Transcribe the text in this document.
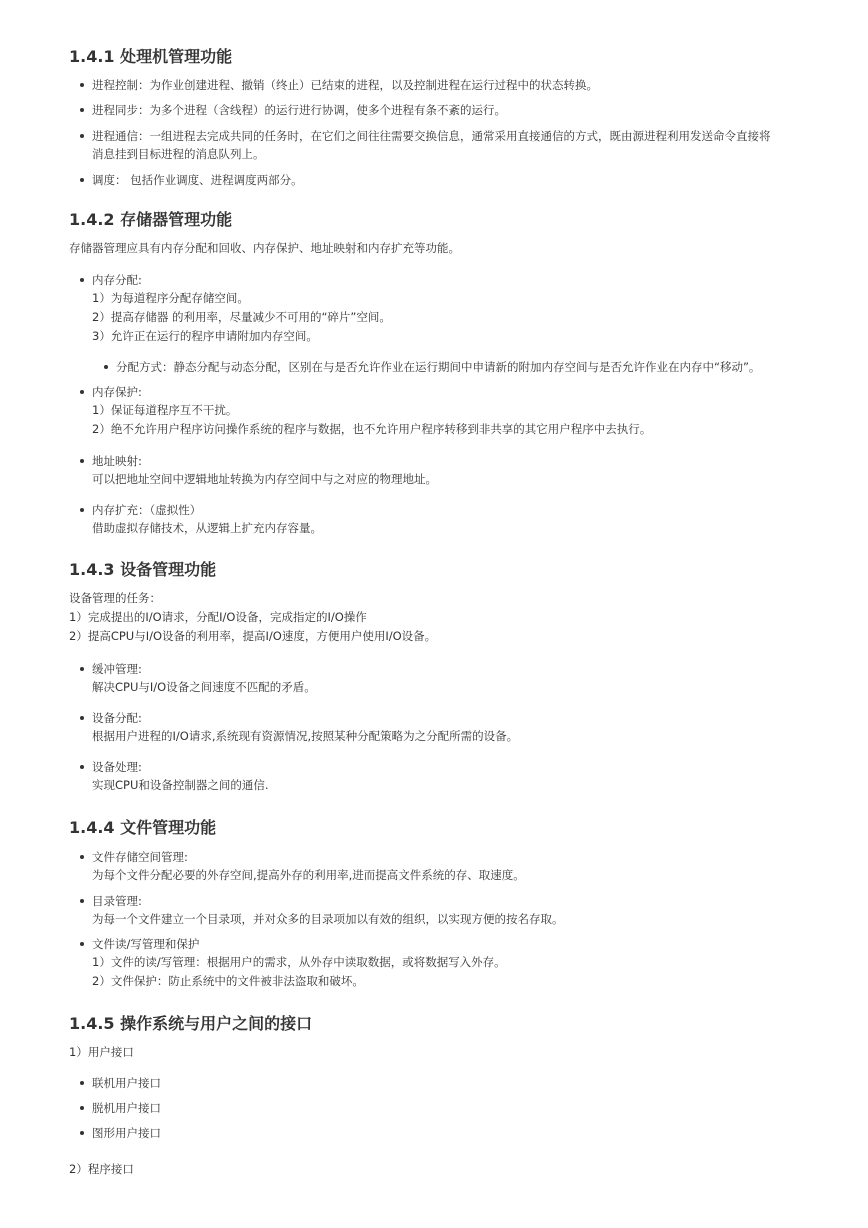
1.4.1 处理机管理功能

进程控制：为作业创建进程、撤销（终止）已结束的进程，以及控制进程在运行过程中的状态转换。

进程同步：为多个进程（含线程）的运行进行协调，使多个进程有条不紊的运行。

进程通信：一组进程去完成共同的任务时，在它们之间往往需要交换信息，通常采用直接通信的方式，既由源进程利用发送命令直接将

消息挂到目标进程的消息队列上。

调度： 包括作业调度、进程调度两部分。

1.4.2 存储器管理功能

存储器管理应具有内存分配和回收、内存保护、地址映射和内存扩充等功能。

内存分配:

1）为每道程序分配存储空间。

2）提高存储器 的利用率，尽量减少不可用的“碎片”空间。

3）允许正在运行的程序申请附加内存空间。

分配方式：静态分配与动态分配，区别在与是否允许作业在运行期间中申请新的附加内存空间与是否允许作业在内存中“移动”。

内存保护:

1）保证每道程序互不干扰。

2）绝不允许用户程序访问操作系统的程序与数据，也不允许用户程序转移到非共享的其它用户程序中去执行。

地址映射:

可以把地址空间中逻辑地址转换为内存空间中与之对应的物理地址。

内存扩充：（虚拟性）

借助虚拟存储技术，从逻辑上扩充内存容量。

1.4.3 设备管理功能

设备管理的任务：

1）完成提出的I/O请求，分配I/O设备，完成指定的I/O操作

2）提高CPU与I/O设备的利用率，提高I/O速度，方便用户使用I/O设备。

缓冲管理:

解决CPU与I/O设备之间速度不匹配的矛盾。

设备分配:

根据用户进程的I/O请求,系统现有资源情况,按照某种分配策略为之分配所需的设备。

设备处理:

实现CPU和设备控制器之间的通信.

1.4.4 文件管理功能

文件存储空间管理:

为每个文件分配必要的外存空间,提高外存的利用率,进而提高文件系统的存、取速度。

目录管理:

为每一个文件建立一个目录项，并对众多的目录项加以有效的组织，以实现方便的按名存取。

文件读/写管理和保护

1）文件的读/写管理：根据用户的需求，从外存中读取数据，或将数据写入外存。

2）文件保护：防止系统中的文件被非法盗取和破坏。

1.4.5 操作系统与用户之间的接口

1）用户接口

联机用户接口

脱机用户接口

图形用户接口

2）程序接口
